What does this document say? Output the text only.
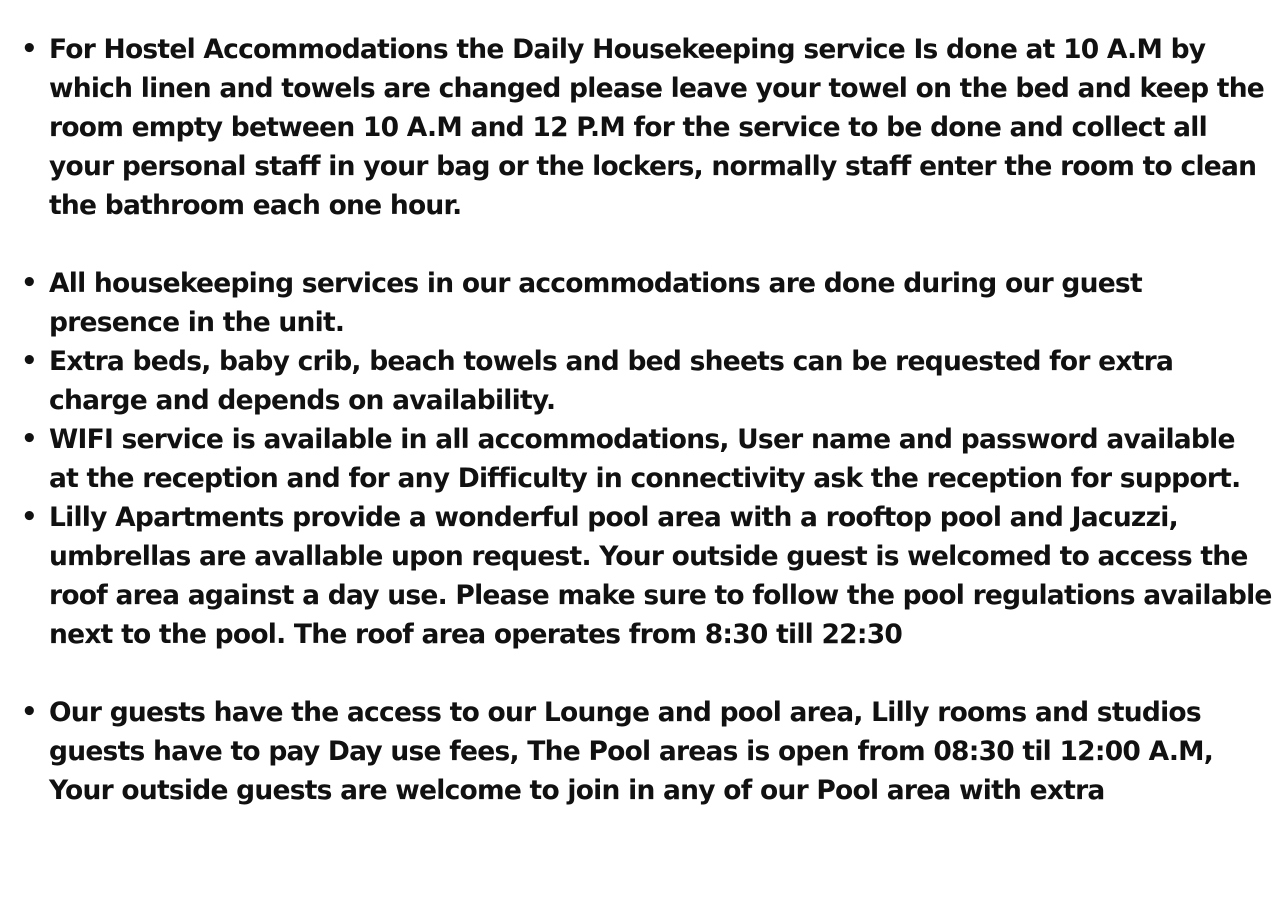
• For Hostel Accommodations the Daily Housekeeping service Is done at 10 A.M by which linen and towels are changed please leave your towel on the bed and keep the room empty between 10 A.M and 12 P.M for the service to be done and collect all your personal staff in your bag or the lockers, normally staff enter the room to clean the bathroom each one hour.
• All housekeeping services in our accommodations are done during our guest presence in the unit.
• Extra beds, baby crib, beach towels and bed sheets can be requested for extra charge and depends on availability.
• WIFI service is available in all accommodations, User name and password available at the reception and for any Difficulty in connectivity ask the reception for support.
• Lilly Apartments provide a wonderful pool area with a rooftop pool and Jacuzzi, umbrellas are avallable upon request. Your outside guest is welcomed to access the roof area against a day use. Please make sure to follow the pool regulations available next to the pool. The roof area operates from 8:30 till 22:30
• Our guests have the access to our Lounge and pool area, Lilly rooms and studios guests have to pay Day use fees, The Pool areas is open from 08:30 til 12:00 A.M, Your outside guests are welcome to join in any of our Pool area with extra
